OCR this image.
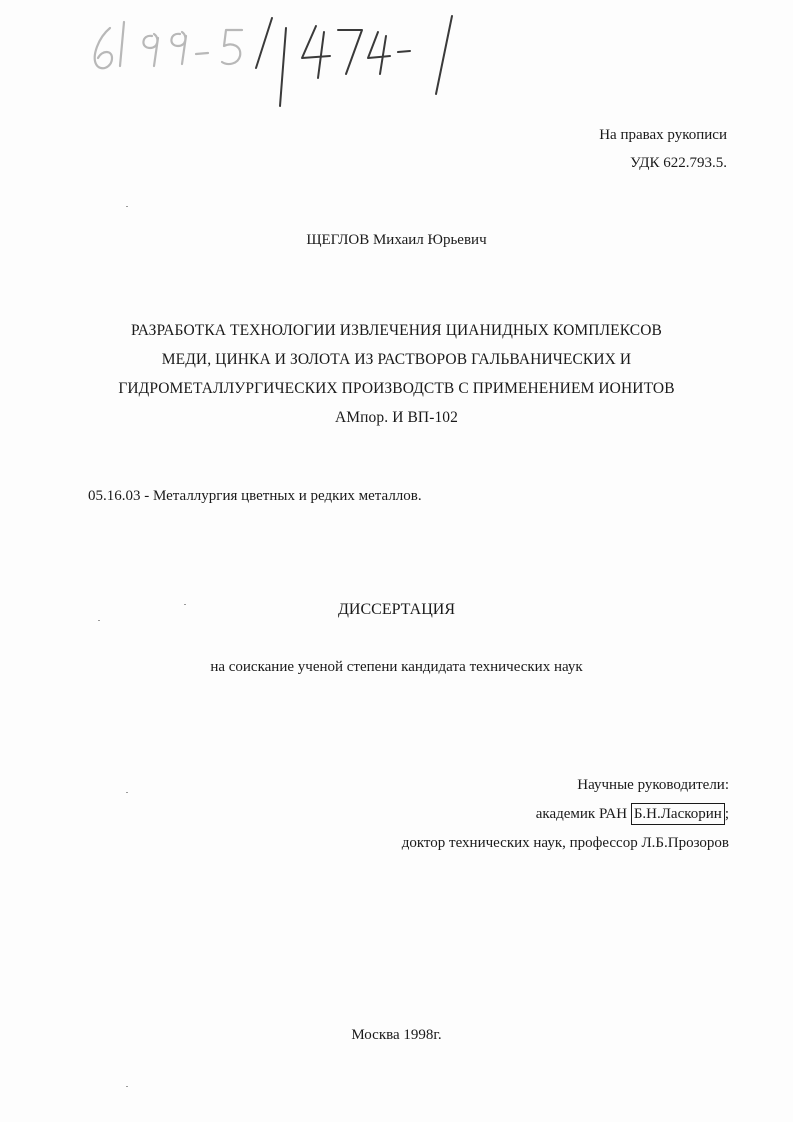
На правах рукописи
УДК 622.793.5.
ЩЕГЛОВ Михаил Юрьевич
РАЗРАБОТКА ТЕХНОЛОГИИ ИЗВЛЕЧЕНИЯ ЦИАНИДНЫХ КОМПЛЕКСОВ
МЕДИ, ЦИНКА И ЗОЛОТА ИЗ РАСТВОРОВ ГАЛЬВАНИЧЕСКИХ И
ГИДРОМЕТАЛЛУРГИЧЕСКИХ ПРОИЗВОДСТВ С ПРИМЕНЕНИЕМ ИОНИТОВ
АМпор. И ВП-102
05.16.03 - Металлургия цветных и редких металлов.
ДИССЕРТАЦИЯ
на соискание ученой степени кандидата технических наук
Научные руководители:
академик РАН Б.Н.Ласкорин ;
доктор технических наук, профессор Л.Б.Прозоров
Москва 1998г.
